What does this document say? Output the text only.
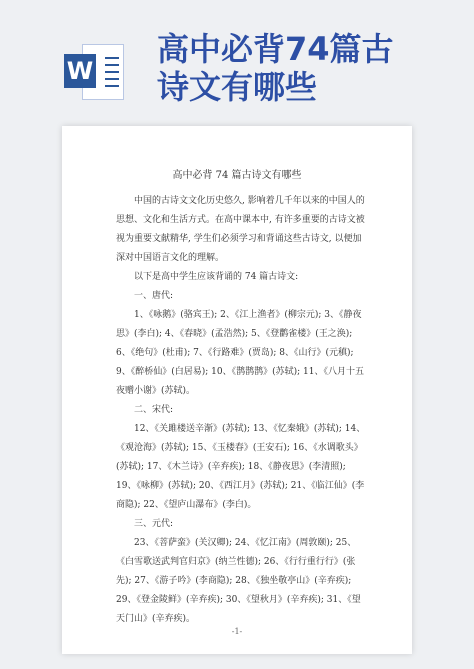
W
高中必背74篇古
诗文有哪些
高中必背 74 篇古诗文有哪些

中国的古诗文文化历史悠久, 影响着几千年以来的中国人的思想、文化和生活方式。在高中课本中, 有许多重要的古诗文被视为重要文献精华, 学生们必须学习和背诵这些古诗文, 以便加深对中国语言文化的理解。

以下是高中学生应该背诵的 74 篇古诗文:

一、唐代:

1、《咏鹅》(骆宾王); 2、《江上渔者》(柳宗元); 3、《静夜思》(李白); 4、《春晓》(孟浩然); 5、《登鹳雀楼》(王之涣); 6、《绝句》(杜甫); 7、《行路难》(贾岛); 8、《山行》(元稹); 9、《醉桥仙》(白居易); 10、《鹊鹊鹊》(苏轼); 11、《八月十五夜赠小谢》(苏轼)。

二、宋代:

12、《关雎楼送辛渐》(苏轼); 13、《忆秦娥》(苏轼); 14、《观沧海》(苏轼); 15、《玉楼春》(王安石); 16、《水调歌头》(苏轼); 17、《木兰诗》(辛弃疾); 18、《静夜思》(李清照); 19、《咏柳》(苏轼); 20、《西江月》(苏轼); 21、《临江仙》(李商隐); 22、《望庐山瀑布》(李白)。

三、元代:

23、《菩萨蛮》(关汉卿); 24、《忆江南》(周敦颐); 25、《白雪歌送武判官归京》(纳兰性德); 26、《行行重行行》(张先); 27、《游子吟》(李商隐); 28、《独坐敬亭山》(辛弃疾); 29、《登金陵鲜》(辛弃疾); 30、《望秋月》(辛弃疾); 31、《望天门山》(辛弃疾)。

-1-
